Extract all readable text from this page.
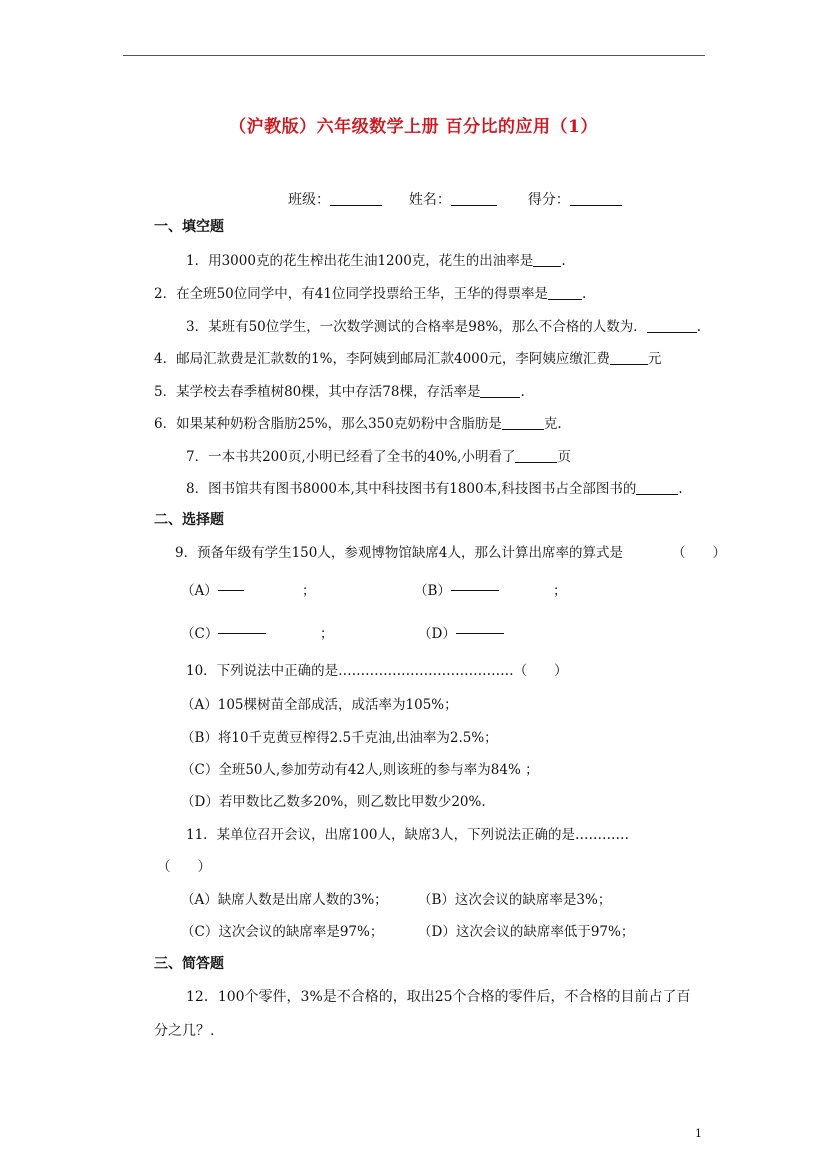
（沪教版）六年级数学上册 百分比的应用（1）
班级：	姓名：	得分：
一、填空题
1．用3000克的花生榨出花生油1200克，花生的出油率是 .
2．在全班50位同学中，有41位同学投票给王华，王华的得票率是	.
3．某班有50位学生，一次数学测试的合格率是98%，那么不合格的人数为．	.
4．邮局汇款费是汇款数的1%，李阿姨到邮局汇款4000元，李阿姨应缴汇费	元
5．某学校去春季植树80棵，其中存活78棵，存活率是	.
6．如果某种奶粉含脂肪25%，那么350克奶粉中含脂肪是	克.
7．一本书共200页,小明已经看了全书的40%,小明看了	页
8．图书馆共有图书8000本,其中科技图书有1800本,科技图书占全部图书的	.
二、选择题
9．预备年级有学生150人，参观博物馆缺席4人，那么计算出席率的算式是	（　　）
（A）	；	（B）	；
（C）	；	（D）
10．下列说法中正确的是…………………………………（　　）
（A）105棵树苗全部成活，成活率为105%；
（B）将10千克黄豆榨得2.5千克油,出油率为2.5%；
（C）全班50人,参加劳动有42人,则该班的参与率为84% ；
（D）若甲数比乙数多20%，则乙数比甲数少20%.
11．某单位召开会议，出席100人，缺席3人，下列说法正确的是…………
（　　）
（A）缺席人数是出席人数的3%； （B）这次会议的缺席率是3%；
（C）这次会议的缺席率是97%；	（D）这次会议的缺席率低于97%；
三、简答题
12．100个零件，3%是不合格的，取出25个合格的零件后，不合格的目前占了百
分之几？.
1
